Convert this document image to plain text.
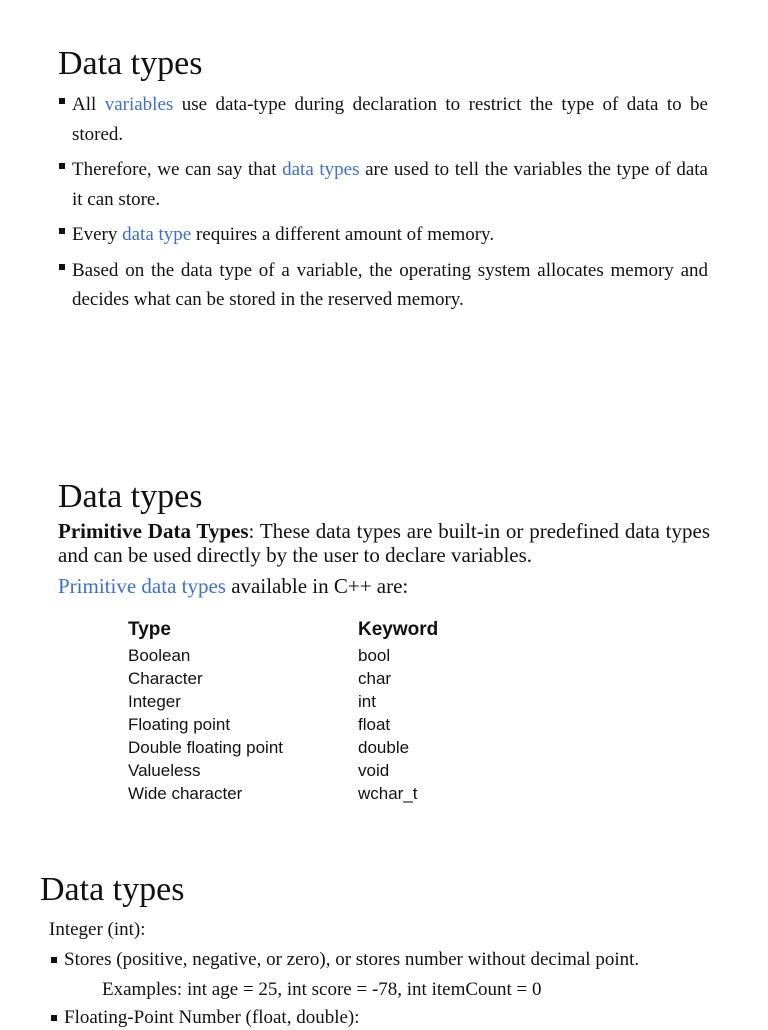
Data types
All variables use data-type during declaration to restrict the type of data to be stored.
Therefore, we can say that data types are used to tell the variables the type of data it can store.
Every data type requires a different amount of memory.
Based on the data type of a variable, the operating system allocates memory and decides what can be stored in the reserved memory.
Data types

Primitive Data Types: These data types are built-in or predefined data types and can be used directly by the user to declare variables.

Primitive data types available in C++ are:

Type	Keyword
Boolean	bool
Character	char
Integer	int
Floating point	float
Double floating point	double
Valueless	void
Wide character	wchar_t
Data types

Integer (int):

Stores (positive, negative, or zero), or stores number without decimal point.

Examples: int age = 25, int score = -78, int itemCount = 0

Floating-Point Number (float, double):
